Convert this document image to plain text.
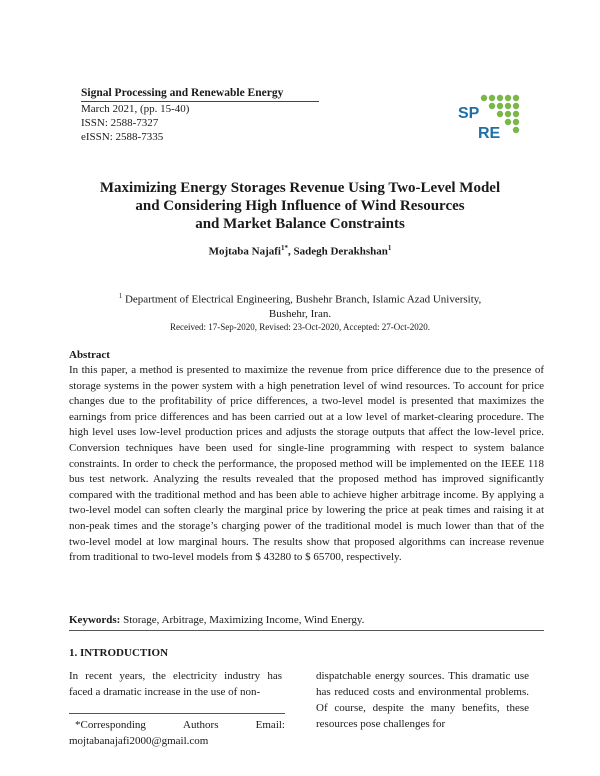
Signal Processing and Renewable Energy
March 2021, (pp. 15-40)
ISSN: 2588-7327
eISSN: 2588-7335
SP
RE
Maximizing Energy Storages Revenue Using Two-Level Model
and Considering High Influence of Wind Resources
and Market Balance Constraints
Mojtaba Najafi$^{1*}$, Sadegh Derakhshan$^1$
$^1$ Department of Electrical Engineering, Bushehr Branch, Islamic Azad University,
Bushehr, Iran.
Received: 17-Sep-2020, Revised: 23-Oct-2020, Accepted: 27-Oct-2020.
Abstract
In this paper, a method is presented to maximize the revenue from price difference due to the presence of storage systems in the power system with a high penetration level of wind resources. To account for price changes due to the profitability of price differences, a two-level model is presented that maximizes the earnings from price differences and has been carried out at a low level of market-clearing procedure. The high level uses low-level production prices and adjusts the storage outputs that affect the low-level price. Conversion techniques have been used for single-line programming with respect to system balance constraints. In order to check the performance, the proposed method will be implemented on the IEEE 118 bus test network. Analyzing the results revealed that the proposed method has improved significantly compared with the traditional method and has been able to achieve higher arbitrage income. By applying a two-level model can soften clearly the marginal price by lowering the price at peak times and raising it at non-peak times and the storage’s charging power of the traditional model is much lower than that of the two-level model at low marginal hours. The results show that proposed algorithms can increase revenue from traditional to two-level models from $ 43280 to $ 65700, respectively.
Keywords: Storage, Arbitrage, Maximizing Income, Wind Energy.
1. INTRODUCTION
In recent years, the electricity industry has faced a dramatic increase in the use of non-
dispatchable energy sources. This dramatic use has reduced costs and environmental problems. Of course, despite the many benefits, these resources pose challenges for
*Corresponding	Authors	Email:
mojtabanajafi2000@gmail.com
